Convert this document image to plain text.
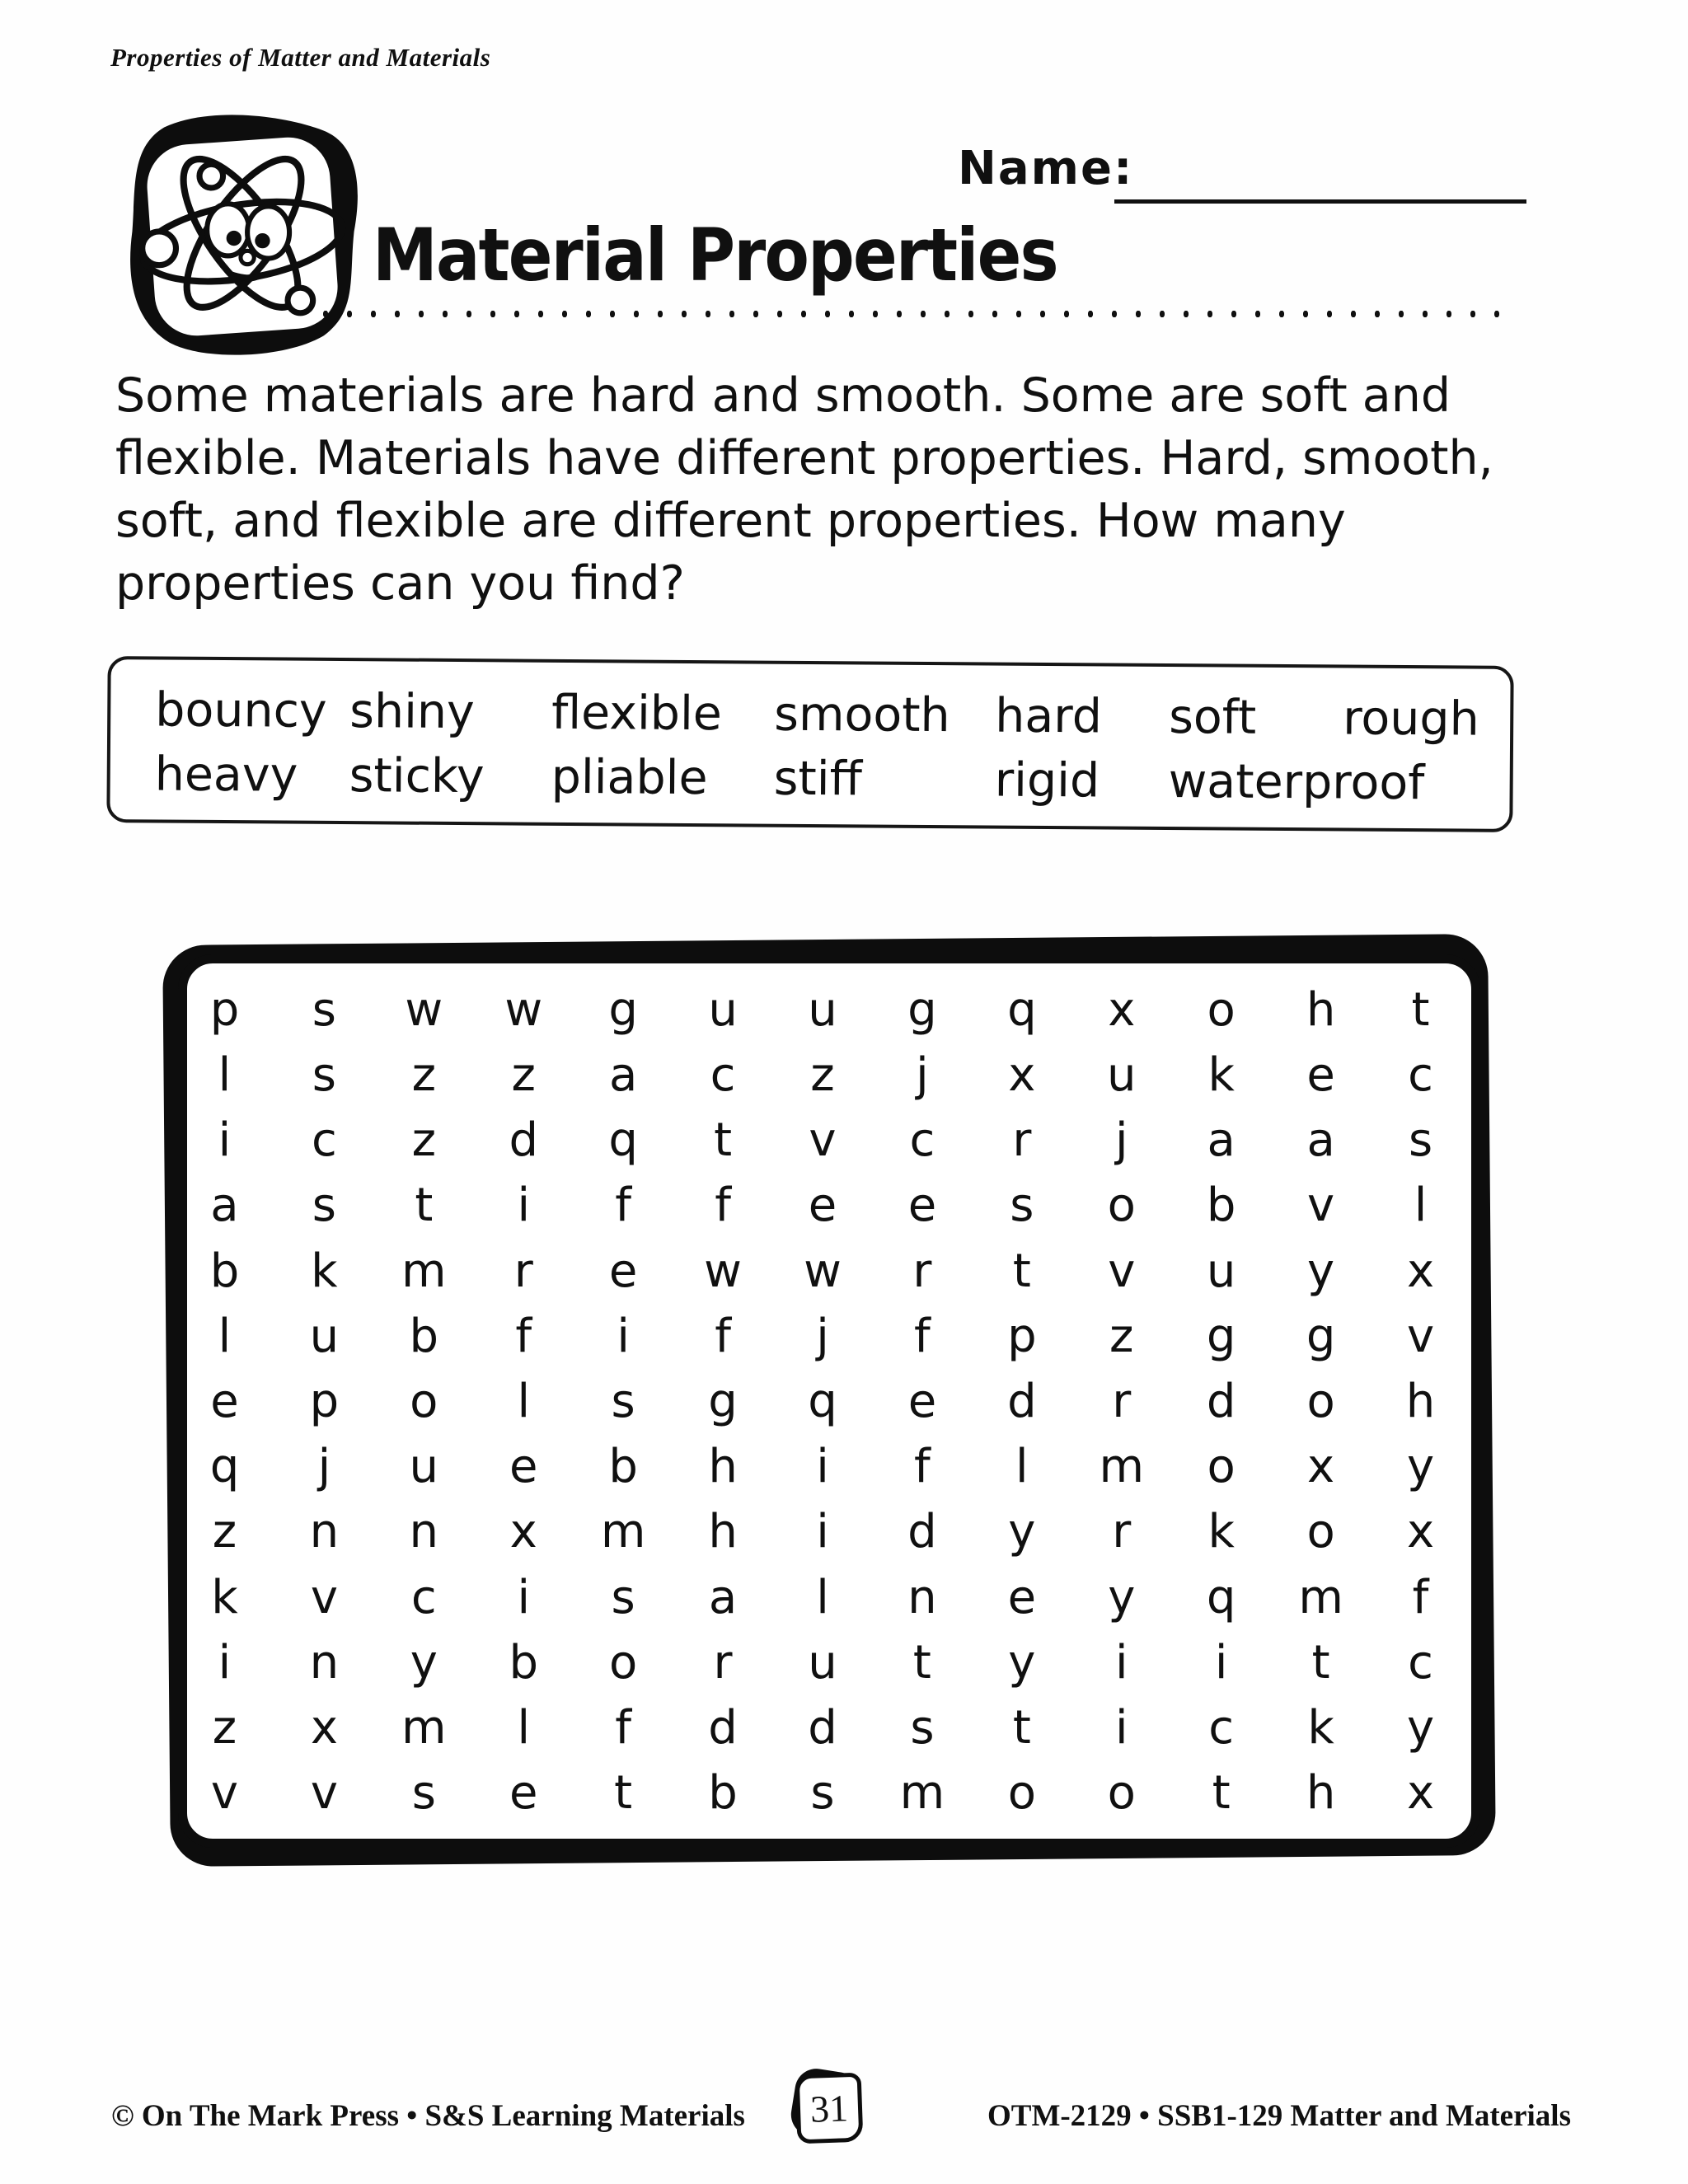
Properties of Matter and Materials
Name:
Material Properties
Some materials are hard and smooth. Some are soft and
flexible. Materials have different properties. Hard, smooth,
soft, and flexible are different properties. How many
properties can you find?
bouncy shiny	flexible	smooth hard	soft	rough
heavy	sticky	pliable	stiff	rigid	waterproof
p s w w g u u g q x o h t
l s z z a c z j x u k e c
i c z d q t v c r j a a s
a s t i f f e e s o b v l
b k m r e w w r t v u y x
l u b f i f j f p z g g v
e p o l s g q e d r d o h
q j u e b h i f l m o x y
z n n x m h i d y r k o x
k v c i s a l n e y q m f
i n y b o r u t y i i t c
z x m l f d d s t i c k y
v v s e t b s m o o t h x
© On The Mark Press • S&S Learning Materials 31	OTM-2129 • SSB1-129 Matter and Materials
